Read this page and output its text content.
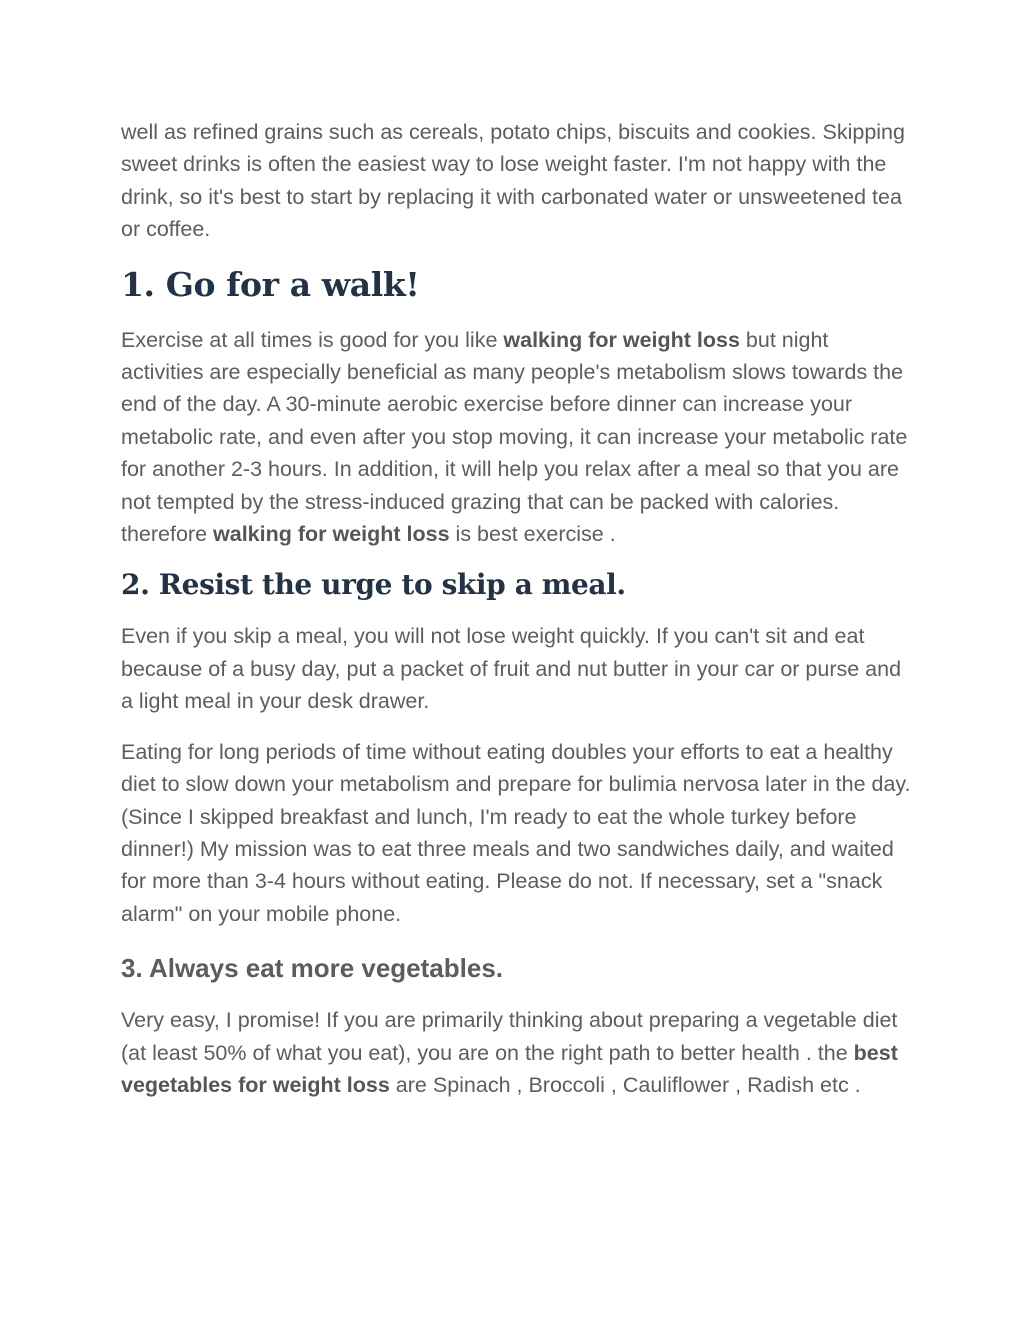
well as refined grains such as cereals, potato chips, biscuits and cookies. Skipping sweet drinks is often the easiest way to lose weight faster. I'm not happy with the drink, so it's best to start by replacing it with carbonated water or unsweetened tea or coffee.

1. Go for a walk!

Exercise at all times is good for you like walking for weight loss but night activities are especially beneficial as many people's metabolism slows towards the end of the day. A 30-minute aerobic exercise before dinner can increase your metabolic rate, and even after you stop moving, it can increase your metabolic rate for another 2-3 hours. In addition, it will help you relax after a meal so that you are not tempted by the stress-induced grazing that can be packed with calories. therefore walking for weight loss is best exercise .

2. Resist the urge to skip a meal.

Even if you skip a meal, you will not lose weight quickly. If you can't sit and eat because of a busy day, put a packet of fruit and nut butter in your car or purse and a light meal in your desk drawer.

Eating for long periods of time without eating doubles your efforts to eat a healthy diet to slow down your metabolism and prepare for bulimia nervosa later in the day. (Since I skipped breakfast and lunch, I'm ready to eat the whole turkey before dinner!) My mission was to eat three meals and two sandwiches daily, and waited for more than 3-4 hours without eating. Please do not. If necessary, set a "snack alarm" on your mobile phone.

3. Always eat more vegetables.

Very easy, I promise! If you are primarily thinking about preparing a vegetable diet (at least 50% of what you eat), you are on the right path to better health . the best vegetables for weight loss are Spinach , Broccoli , Cauliflower , Radish etc .
